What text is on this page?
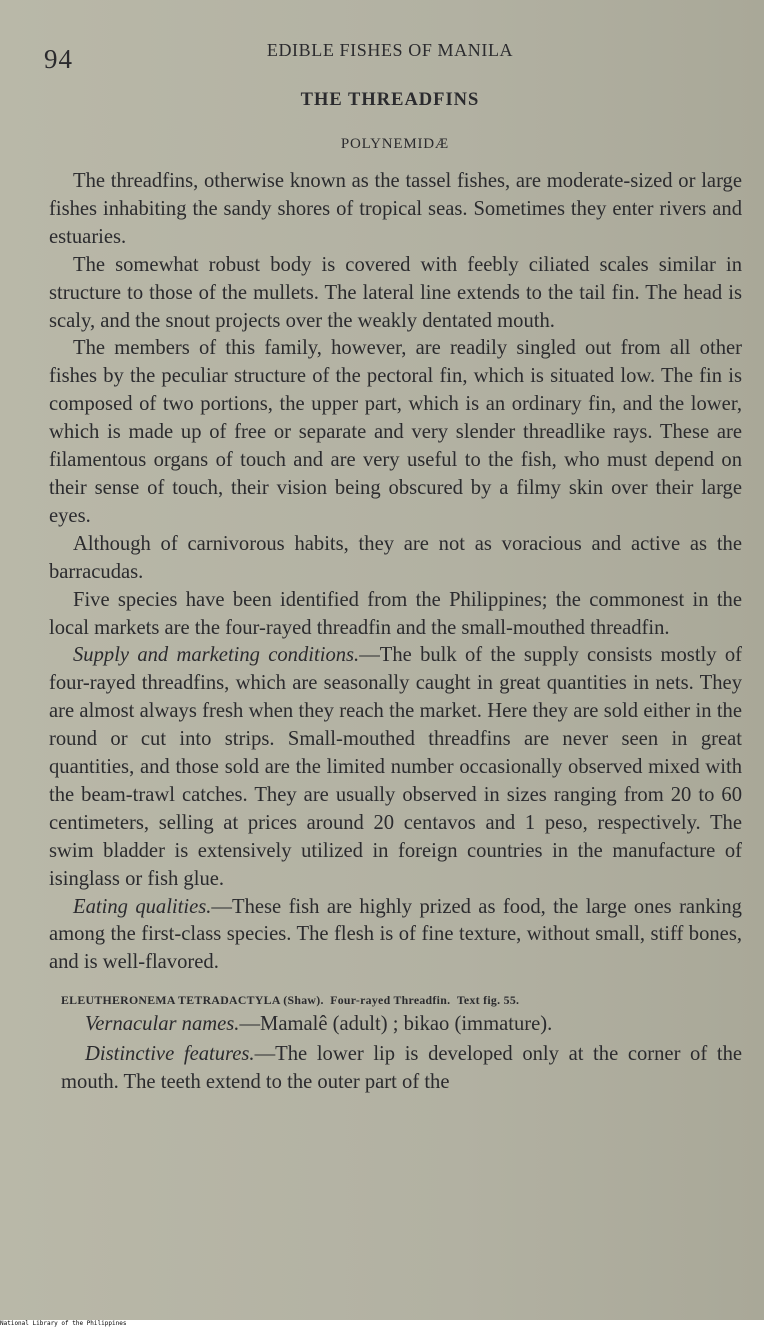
94	EDIBLE FISHES OF MANILA
THE THREADFINS
POLYNEMIDÆ

The threadfins, otherwise known as the tassel fishes, are moderate-sized or large fishes inhabiting the sandy shores of tropical seas. Sometimes they enter rivers and estuaries.

The somewhat robust body is covered with feebly ciliated scales similar in structure to those of the mullets. The lateral line extends to the tail fin. The head is scaly, and the snout projects over the weakly dentated mouth.

The members of this family, however, are readily singled out from all other fishes by the peculiar structure of the pectoral fin, which is situated low. The fin is composed of two portions, the upper part, which is an ordinary fin, and the lower, which is made up of free or separate and very slender threadlike rays. These are filamentous organs of touch and are very useful to the fish, who must depend on their sense of touch, their vision being obscured by a filmy skin over their large eyes.

Although of carnivorous habits, they are not as voracious and active as the barracudas.

Five species have been identified from the Philippines; the commonest in the local markets are the four-rayed threadfin and the small-mouthed threadfin.

Supply and marketing conditions.—The bulk of the supply consists mostly of four-rayed threadfins, which are seasonally caught in great quantities in nets. They are almost always fresh when they reach the market. Here they are sold either in the round or cut into strips. Small-mouthed threadfins are never seen in great quantities, and those sold are the limited number occasionally observed mixed with the beam-trawl catches. They are usually observed in sizes ranging from 20 to 60 centimeters, selling at prices around 20 centavos and 1 peso, respectively. The swim bladder is extensively utilized in foreign countries in the manufacture of isinglass or fish glue.

Eating qualities.—These fish are highly prized as food, the large ones ranking among the first-class species. The flesh is of fine texture, without small, stiff bones, and is well-flavored.

ELEUTHERONEMA TETRADACTYLA (Shaw). Four-rayed Threadfin. Text fig. 55.

Vernacular names.—Mamalê (adult) ; bikao (immature).

Distinctive features.—The lower lip is developed only at the corner of the mouth. The teeth extend to the outer part of the

National Library of the Philippines
